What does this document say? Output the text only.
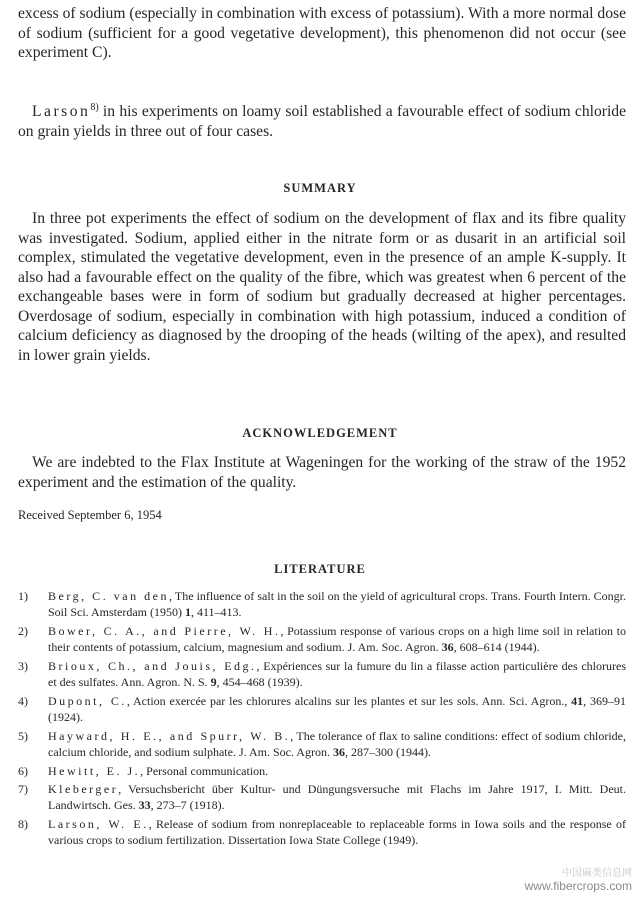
excess of sodium (especially in combination with excess of potassium). With a more normal dose of sodium (sufficient for a good vegetative development), this phenomenon did not occur (see experiment C).

Larson$^{8)}$ in his experiments on loamy soil established a favourable effect of sodium chloride on grain yields in three out of four cases.

SUMMARY

In three pot experiments the effect of sodium on the development of flax and its fibre quality was investigated. Sodium, applied either in the nitrate form or as dusarit in an artificial soil complex, stimulated the vegetative development, even in the presence of an ample K-supply. It also had a favourable effect on the quality of the fibre, which was greatest when 6 percent of the exchangeable bases were in form of sodium but gradually decreased at higher percentages. Overdosage of sodium, especially in combination with high potassium, induced a condition of calcium deficiency as diagnosed by the drooping of the heads (wilting of the apex), and resulted in lower grain yields.

ACKNOWLEDGEMENT

We are indebted to the Flax Institute at Wageningen for the working of the straw of the 1952 experiment and the estimation of the quality.

Received September 6, 1954

LITERATURE
1) Berg, C. van den, The influence of salt in the soil on the yield of agricultural crops. Trans. Fourth Intern. Congr. Soil Sci. Amsterdam (1950) 1, 411–413.
2) Bower, C. A., and Pierre, W. H., Potassium response of various crops on a high lime soil in relation to their contents of potassium, calcium, magnesium and sodium. J. Am. Soc. Agron. 36, 608–614 (1944).
3) Brioux, Ch., and Jouis, Edg., Expériences sur la fumure du lin a filasse action particulière des chlorures et des sulfates. Ann. Agron. N. S. 9, 454–468 (1939).
4) Dupont, C., Action exercée par les chlorures alcalins sur les plantes et sur les sols. Ann. Sci. Agron., 41, 369–91 (1924).
5) Hayward, H. E., and Spurr, W. B., The tolerance of flax to saline conditions: effect of sodium chloride, calcium chloride, and sodium sulphate. J. Am. Soc. Agron. 36, 287–300 (1944).
6) Hewitt, E. J., Personal communication.
7) Kleberger, Versuchsbericht über Kultur- und Düngungsversuche mit Flachs im Jahre 1917, I. Mitt. Deut. Landwirtsch. Ges. 33, 273–7 (1918).
8) Larson, W. E., Release of sodium from nonreplaceable to replaceable forms in Iowa soils and the response of various crops to sodium fertilization. Dissertation Iowa State College (1949).
中国麻类信息网
www.fibercrops.com
